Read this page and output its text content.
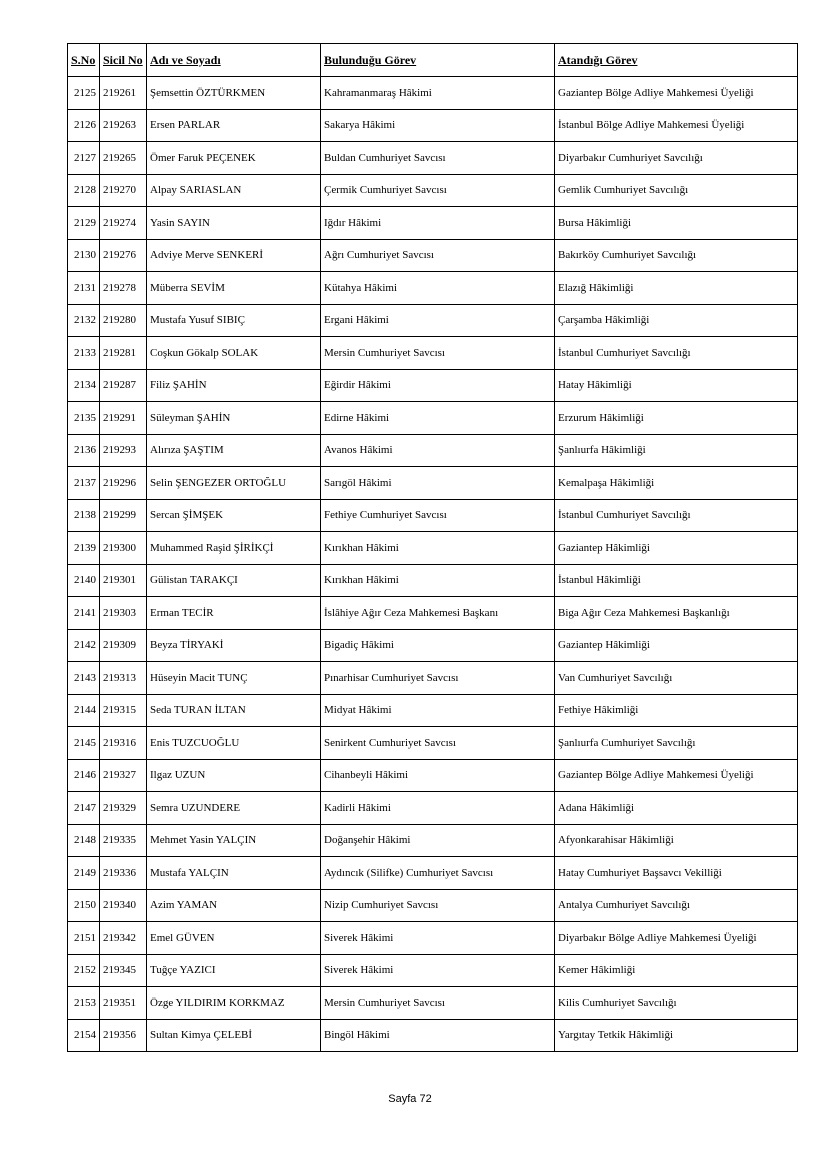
S.No	Sicil No	Adı ve Soyadı	Bulunduğu Görev	Atandığı Görev
2125	219261	Şemsettin ÖZTÜRKMEN	Kahramanmaraş Hâkimi	Gaziantep Bölge Adliye Mahkemesi Üyeliği
2126	219263	Ersen PARLAR	Sakarya Hâkimi	İstanbul Bölge Adliye Mahkemesi Üyeliği
2127	219265	Ömer Faruk PEÇENEK	Buldan Cumhuriyet Savcısı	Diyarbakır Cumhuriyet Savcılığı
2128	219270	Alpay SARIASLAN	Çermik Cumhuriyet Savcısı	Gemlik Cumhuriyet Savcılığı
2129	219274	Yasin SAYIN	Iğdır Hâkimi	Bursa Hâkimliği
2130	219276	Adviye Merve SENKERİ	Ağrı Cumhuriyet Savcısı	Bakırköy Cumhuriyet Savcılığı
2131	219278	Müberra SEVİM	Kütahya Hâkimi	Elazığ Hâkimliği
2132	219280	Mustafa Yusuf SIBIÇ	Ergani Hâkimi	Çarşamba Hâkimliği
2133	219281	Coşkun Gökalp SOLAK	Mersin Cumhuriyet Savcısı	İstanbul Cumhuriyet Savcılığı
2134	219287	Filiz ŞAHİN	Eğirdir Hâkimi	Hatay Hâkimliği
2135	219291	Süleyman ŞAHİN	Edirne Hâkimi	Erzurum Hâkimliği
2136	219293	Alırıza ŞAŞTIM	Avanos Hâkimi	Şanlıurfa Hâkimliği
2137	219296	Selin ŞENGEZER ORTOĞLU	Sarıgöl Hâkimi	Kemalpaşa Hâkimliği
2138	219299	Sercan ŞİMŞEK	Fethiye Cumhuriyet Savcısı	İstanbul Cumhuriyet Savcılığı
2139	219300	Muhammed Raşid ŞİRİKÇİ	Kırıkhan Hâkimi	Gaziantep Hâkimliği
2140	219301	Gülistan TARAKÇI	Kırıkhan Hâkimi	İstanbul Hâkimliği
2141	219303	Erman TECİR	İslâhiye Ağır Ceza Mahkemesi Başkanı	Biga Ağır Ceza Mahkemesi Başkanlığı
2142	219309	Beyza TİRYAKİ	Bigadiç Hâkimi	Gaziantep Hâkimliği
2143	219313	Hüseyin Macit TUNÇ	Pınarhisar Cumhuriyet Savcısı	Van Cumhuriyet Savcılığı
2144	219315	Seda TURAN İLTAN	Midyat Hâkimi	Fethiye Hâkimliği
2145	219316	Enis TUZCUOĞLU	Senirkent Cumhuriyet Savcısı	Şanlıurfa Cumhuriyet Savcılığı
2146	219327	Ilgaz UZUN	Cihanbeyli Hâkimi	Gaziantep Bölge Adliye Mahkemesi Üyeliği
2147	219329	Semra UZUNDERE	Kadirli Hâkimi	Adana Hâkimliği
2148	219335	Mehmet Yasin YALÇIN	Doğanşehir Hâkimi	Afyonkarahisar Hâkimliği
2149	219336	Mustafa YALÇIN	Aydıncık (Silifke) Cumhuriyet Savcısı	Hatay Cumhuriyet Başsavcı Vekilliği
2150	219340	Azim YAMAN	Nizip Cumhuriyet Savcısı	Antalya Cumhuriyet Savcılığı
2151	219342	Emel GÜVEN	Siverek Hâkimi	Diyarbakır Bölge Adliye Mahkemesi Üyeliği
2152	219345	Tuğçe YAZICI	Siverek Hâkimi	Kemer Hâkimliği
2153	219351	Özge YILDIRIM KORKMAZ	Mersin Cumhuriyet Savcısı	Kilis Cumhuriyet Savcılığı
2154	219356	Sultan Kimya ÇELEBİ	Bingöl Hâkimi	Yargıtay Tetkik Hâkimliği
Sayfa 72
